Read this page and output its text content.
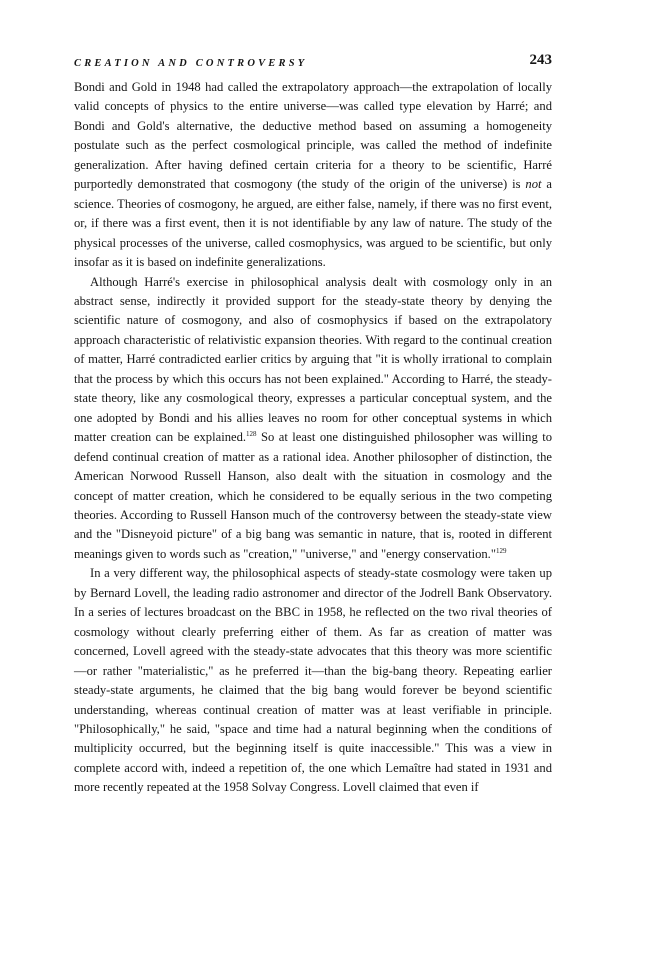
CREATION AND CONTROVERSY	243

Bondi and Gold in 1948 had called the extrapolatory approach—the extrapolation of locally valid concepts of physics to the entire universe—was called type elevation by Harré; and Bondi and Gold's alternative, the deductive method based on assuming a homogeneity postulate such as the perfect cosmological principle, was called the method of indefinite generalization. After having defined certain criteria for a theory to be scientific, Harré purportedly demonstrated that cosmogony (the study of the origin of the universe) is not a science. Theories of cosmogony, he argued, are either false, namely, if there was no first event, or, if there was a first event, then it is not identifiable by any law of nature. The study of the physical processes of the universe, called cosmophysics, was argued to be scientific, but only insofar as it is based on indefinite generalizations.

Although Harré's exercise in philosophical analysis dealt with cosmology only in an abstract sense, indirectly it provided support for the steady-state theory by denying the scientific nature of cosmogony, and also of cosmophysics if based on the extrapolatory approach characteristic of relativistic expansion theories. With regard to the continual creation of matter, Harré contradicted earlier critics by arguing that "it is wholly irrational to complain that the process by which this occurs has not been explained." According to Harré, the steady-state theory, like any cosmological theory, expresses a particular conceptual system, and the one adopted by Bondi and his allies leaves no room for other conceptual systems in which matter creation can be explained.$^{128}$ So at least one distinguished philosopher was willing to defend continual creation of matter as a rational idea. Another philosopher of distinction, the American Norwood Russell Hanson, also dealt with the situation in cosmology and the concept of matter creation, which he considered to be equally serious in the two competing theories. According to Russell Hanson much of the controversy between the steady-state view and the "Disneyoid picture" of a big bang was semantic in nature, that is, rooted in different meanings given to words such as "creation," "universe," and "energy conservation."$^{129}$

In a very different way, the philosophical aspects of steady-state cosmology were taken up by Bernard Lovell, the leading radio astronomer and director of the Jodrell Bank Observatory. In a series of lectures broadcast on the BBC in 1958, he reflected on the two rival theories of cosmology without clearly preferring either of them. As far as creation of matter was concerned, Lovell agreed with the steady-state advocates that this theory was more scientific—or rather "materialistic," as he preferred it—than the big-bang theory. Repeating earlier steady-state arguments, he claimed that the big bang would forever be beyond scientific understanding, whereas continual creation of matter was at least verifiable in principle. "Philosophically," he said, "space and time had a natural beginning when the conditions of multiplicity occurred, but the beginning itself is quite inaccessible." This was a view in complete accord with, indeed a repetition of, the one which Lemaître had stated in 1931 and more recently repeated at the 1958 Solvay Congress. Lovell claimed that even if
